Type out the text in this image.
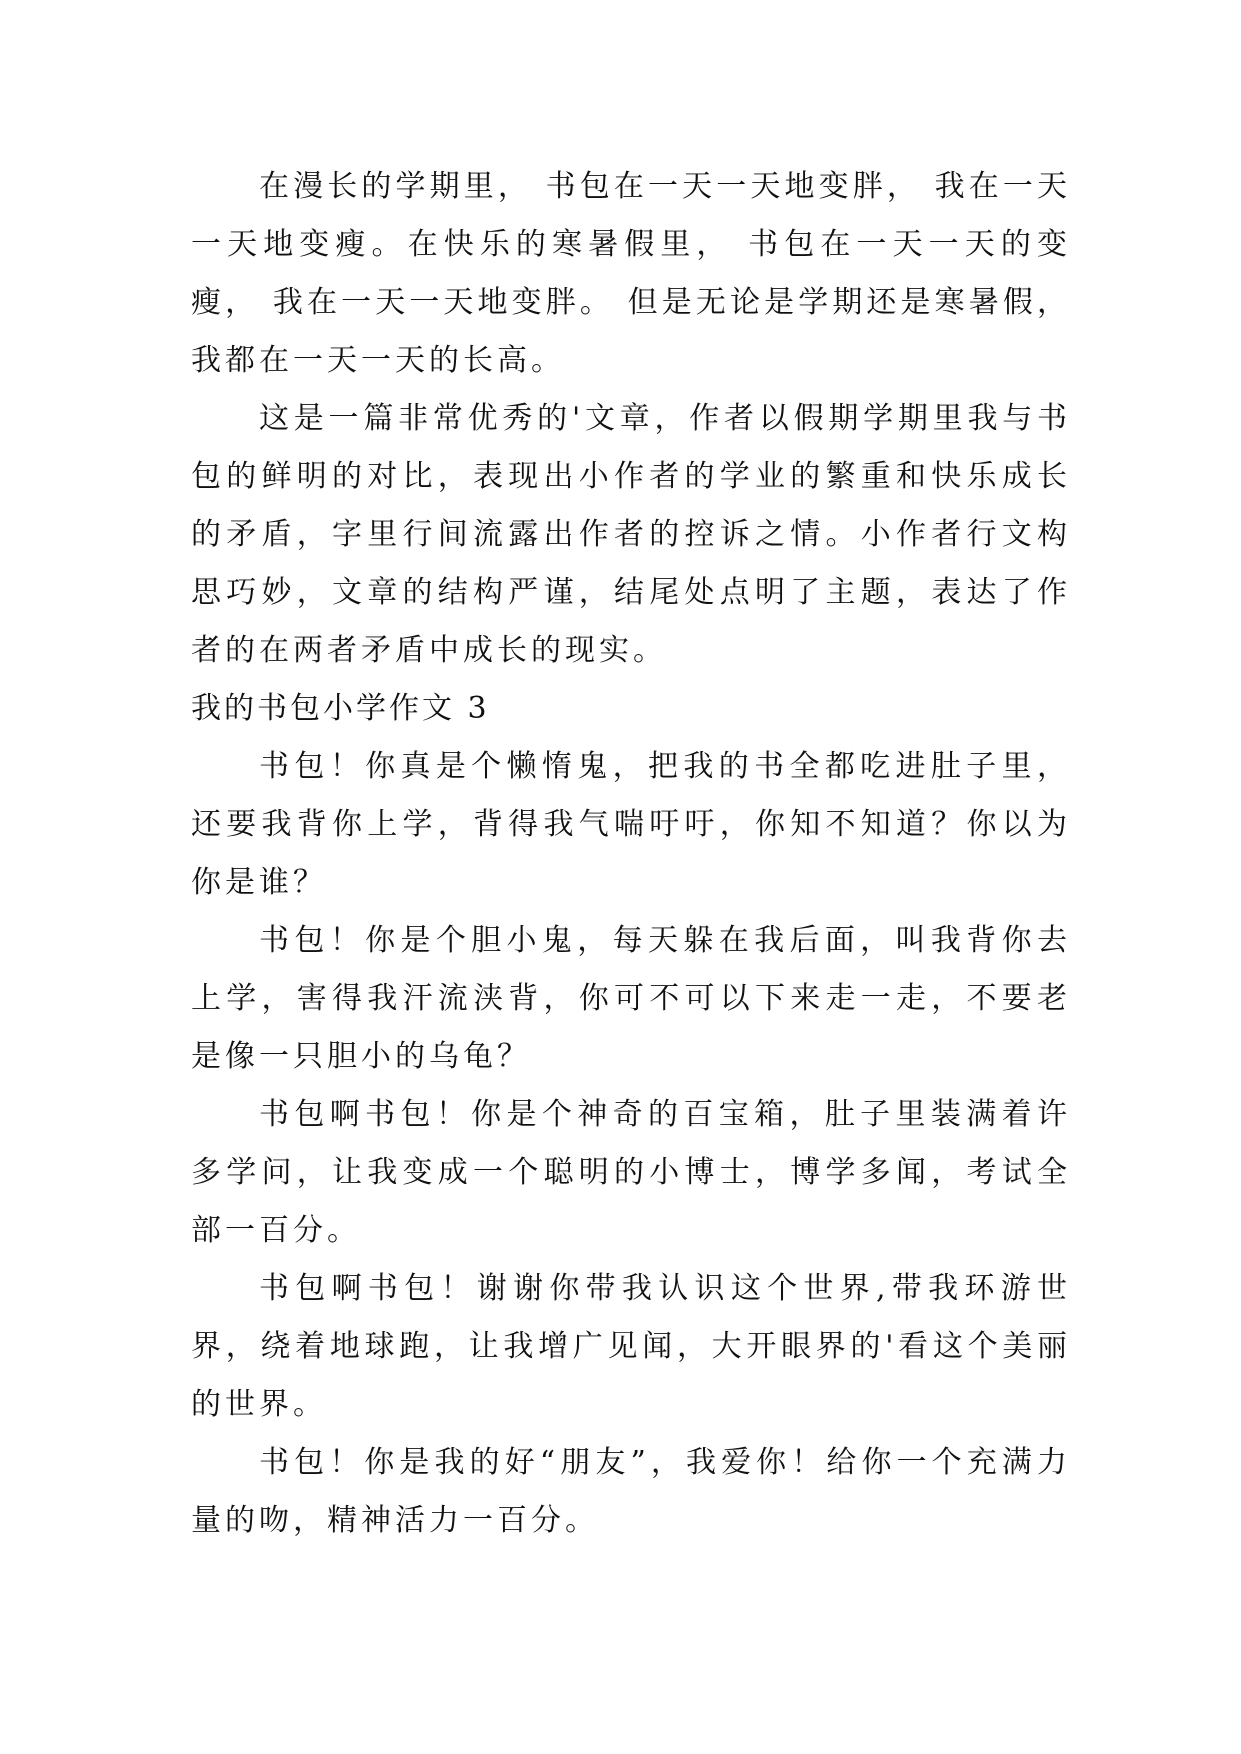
在漫长的学期里， 书包在一天一天地变胖， 我在一天一天地变瘦。在快乐的寒暑假里， 书包在一天一天的变瘦， 我在一天一天地变胖。 但是无论是学期还是寒暑假，我都在一天一天的长高。

这是一篇非常优秀的'文章，作者以假期学期里我与书包的鲜明的对比，表现出小作者的学业的繁重和快乐成长的矛盾，字里行间流露出作者的控诉之情。小作者行文构思巧妙，文章的结构严谨，结尾处点明了主题，表达了作者的在两者矛盾中成长的现实。

我的书包小学作文 3

书包！你真是个懒惰鬼，把我的书全都吃进肚子里，还要我背你上学，背得我气喘吁吁，你知不知道？你以为你是谁？

书包！你是个胆小鬼，每天躲在我后面，叫我背你去上学，害得我汗流浃背，你可不可以下来走一走，不要老是像一只胆小的乌龟？

书包啊书包！你是个神奇的百宝箱，肚子里装满着许多学问，让我变成一个聪明的小博士，博学多闻，考试全部一百分。

书包啊书包！谢谢你带我认识这个世界,带我环游世界，绕着地球跑，让我增广见闻，大开眼界的'看这个美丽的世界。

书包！你是我的好“朋友”，我爱你！给你一个充满力量的吻，精神活力一百分。
